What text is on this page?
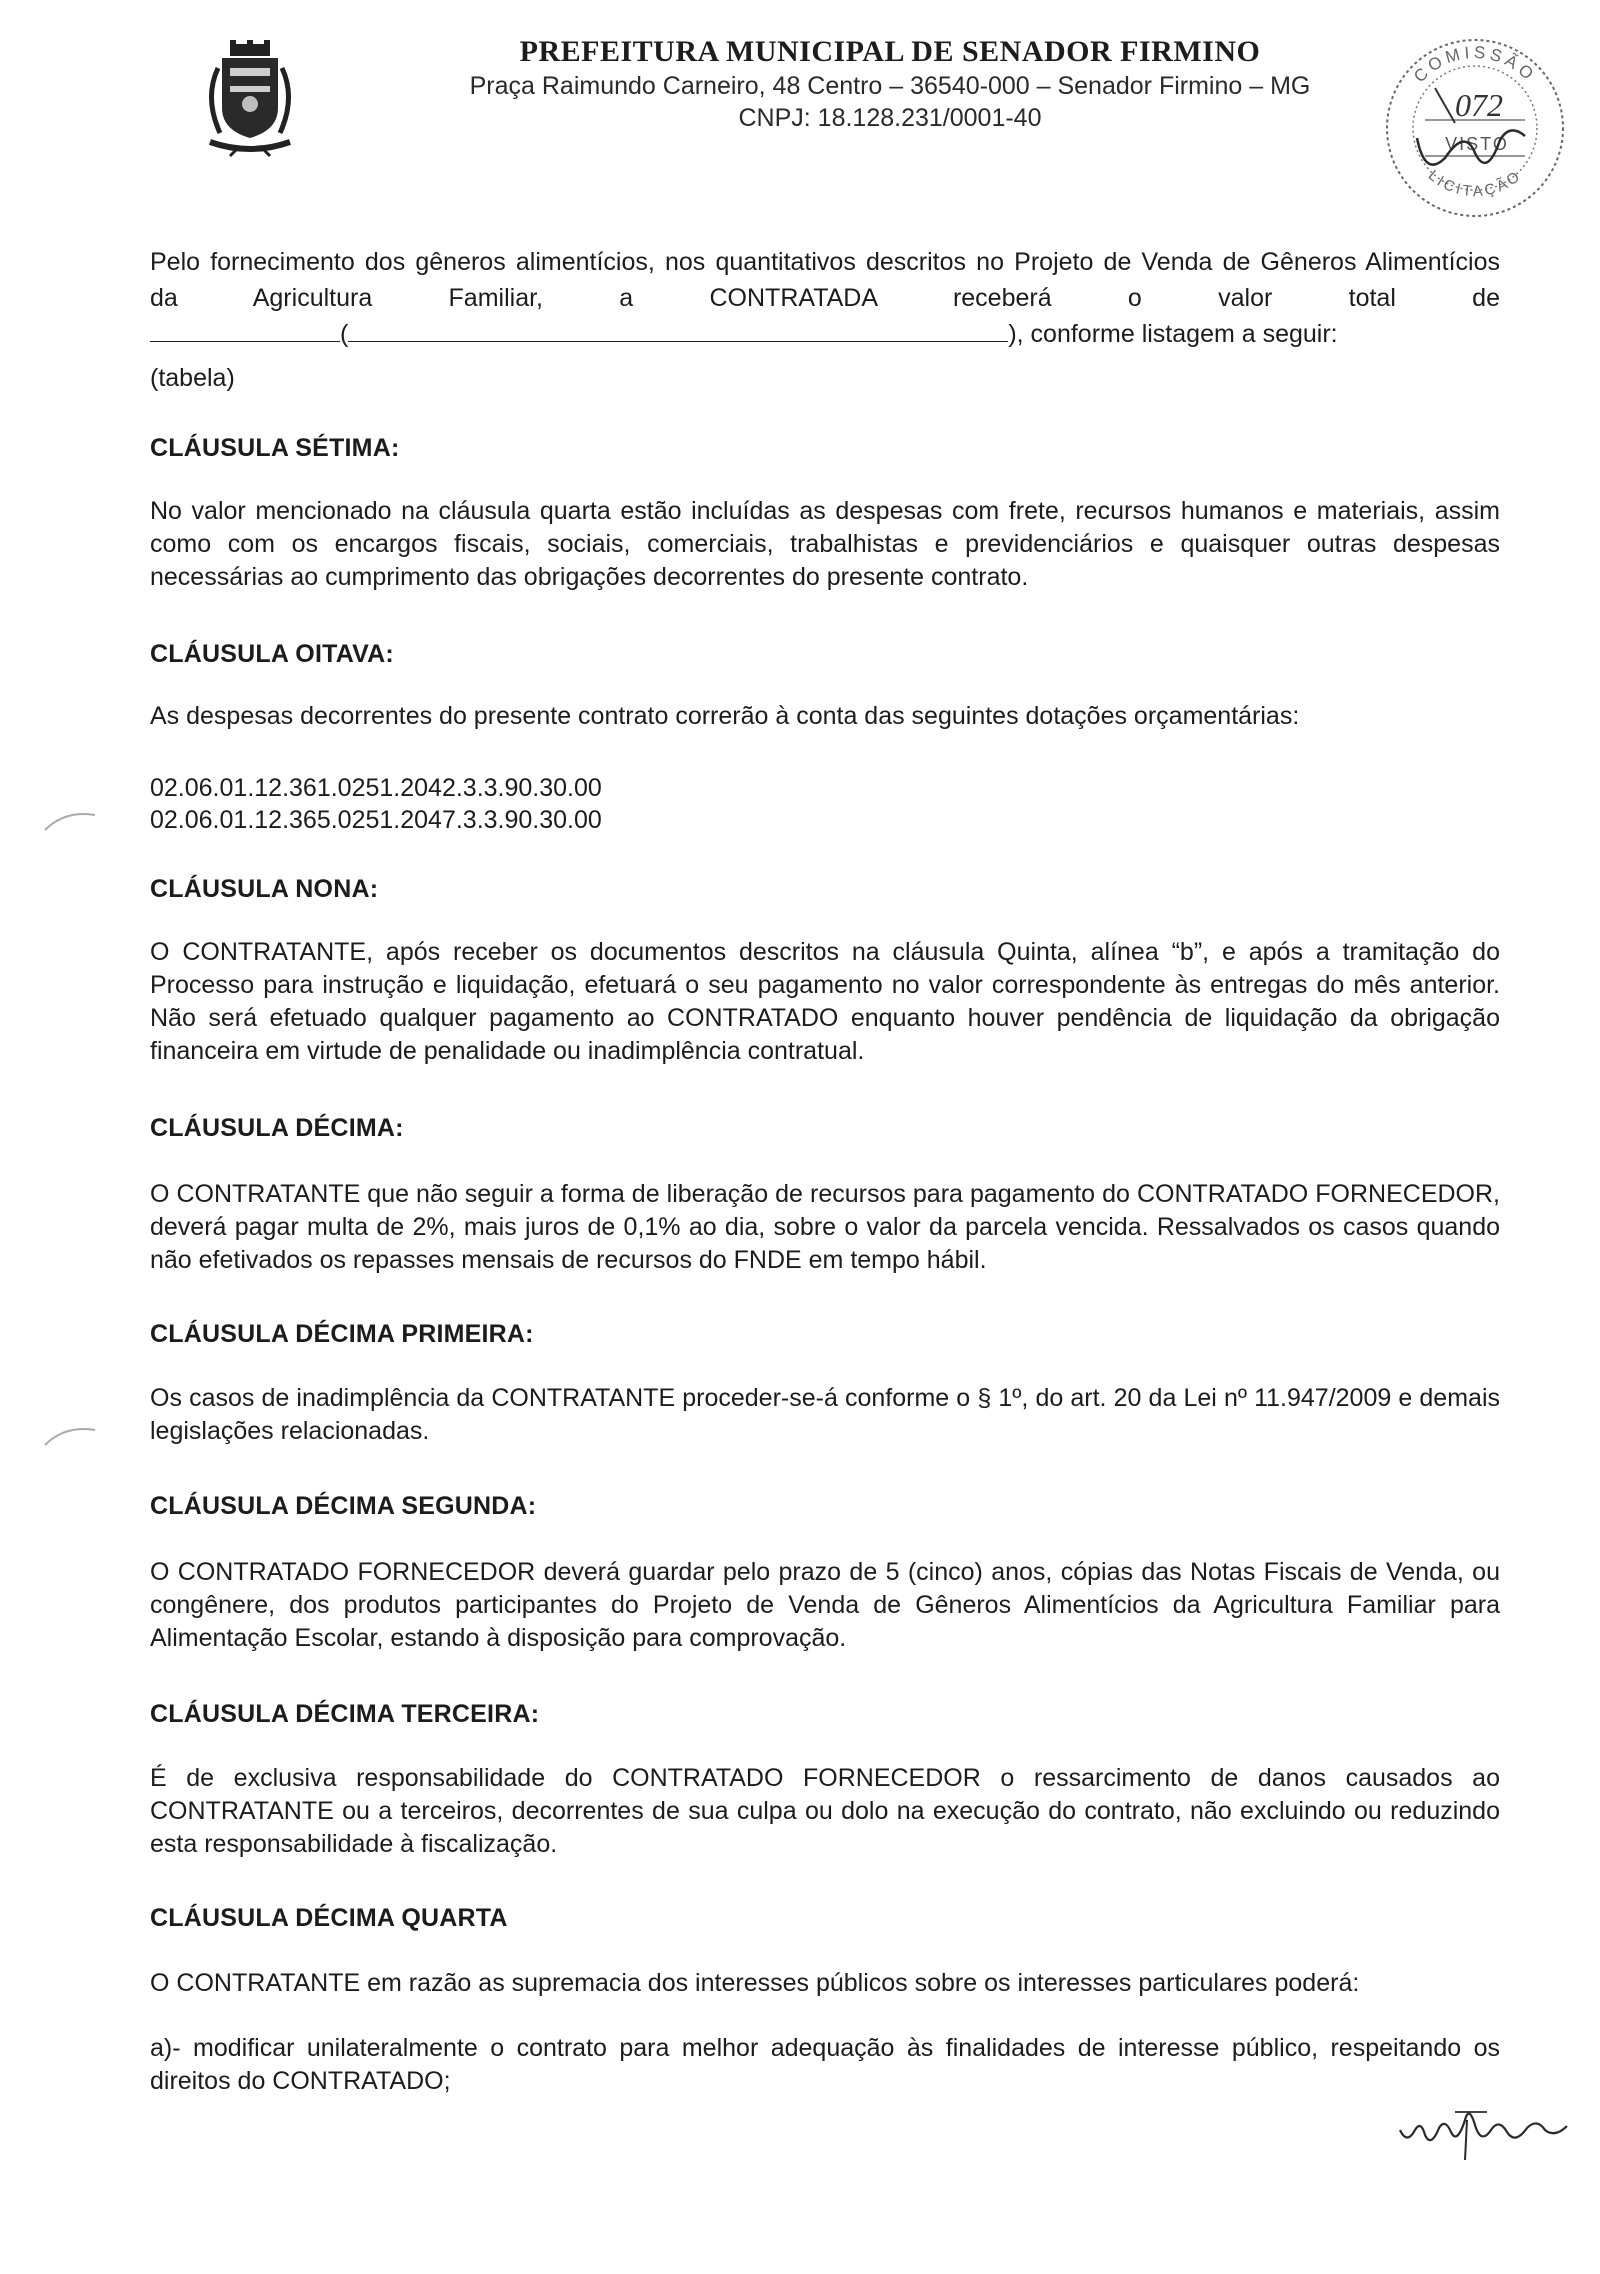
PREFEITURA MUNICIPAL DE SENADOR FIRMINO
Praça Raimundo Carneiro, 48 Centro – 36540-000 – Senador Firmino – MG
CNPJ: 18.128.231/0001-40
COMISSÃO
LICITAÇÃO
072
VISTO
Pelo fornecimento dos gêneros alimentícios, nos quantitativos descritos no Projeto de Venda de Gêneros Alimentícios
da Agricultura Familiar, a CONTRATADA receberá o valor total de
(	), conforme listagem a seguir:
(tabela)
CLÁUSULA SÉTIMA:
No valor mencionado na cláusula quarta estão incluídas as despesas com frete, recursos humanos e materiais, assim como com os encargos fiscais, sociais, comerciais, trabalhistas e previdenciários e quaisquer outras despesas necessárias ao cumprimento das obrigações decorrentes do presente contrato.
CLÁUSULA OITAVA:
As despesas decorrentes do presente contrato correrão à conta das seguintes dotações orçamentárias:
02.06.01.12.361.0251.2042.3.3.90.30.00
02.06.01.12.365.0251.2047.3.3.90.30.00
CLÁUSULA NONA:
O CONTRATANTE, após receber os documentos descritos na cláusula Quinta, alínea “b”, e após a tramitação do Processo para instrução e liquidação, efetuará o seu pagamento no valor correspondente às entregas do mês anterior. Não será efetuado qualquer pagamento ao CONTRATADO enquanto houver pendência de liquidação da obrigação financeira em virtude de penalidade ou inadimplência contratual.
CLÁUSULA DÉCIMA:
O CONTRATANTE que não seguir a forma de liberação de recursos para pagamento do CONTRATADO FORNECEDOR, deverá pagar multa de 2%, mais juros de 0,1% ao dia, sobre o valor da parcela vencida. Ressalvados os casos quando não efetivados os repasses mensais de recursos do FNDE em tempo hábil.
CLÁUSULA DÉCIMA PRIMEIRA:
Os casos de inadimplência da CONTRATANTE proceder-se-á conforme o § 1º, do art. 20 da Lei nº 11.947/2009 e demais legislações relacionadas.
CLÁUSULA DÉCIMA SEGUNDA:
O CONTRATADO FORNECEDOR deverá guardar pelo prazo de 5 (cinco) anos, cópias das Notas Fiscais de Venda, ou congênere, dos produtos participantes do Projeto de Venda de Gêneros Alimentícios da Agricultura Familiar para Alimentação Escolar, estando à disposição para comprovação.
CLÁUSULA DÉCIMA TERCEIRA:
É de exclusiva responsabilidade do CONTRATADO FORNECEDOR o ressarcimento de danos causados ao CONTRATANTE ou a terceiros, decorrentes de sua culpa ou dolo na execução do contrato, não excluindo ou reduzindo esta responsabilidade à fiscalização.
CLÁUSULA DÉCIMA QUARTA
O CONTRATANTE em razão as supremacia dos interesses públicos sobre os interesses particulares poderá:
a)- modificar unilateralmente o contrato para melhor adequação às finalidades de interesse público, respeitando os direitos do CONTRATADO;
